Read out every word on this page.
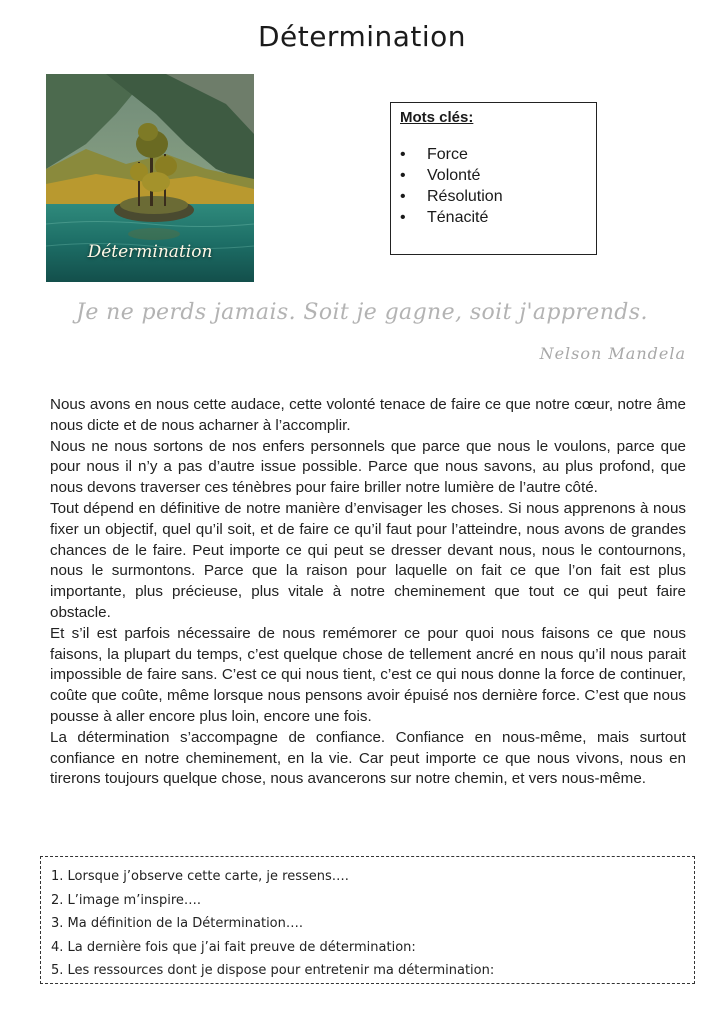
Détermination
Détermination
Mots clés:
• Force
• Volonté
• Résolution
• Ténacité
Je ne perds jamais. Soit je gagne, soit j'apprends.
Nelson Mandela

Nous avons en nous cette audace, cette volonté tenace de faire ce que notre cœur, notre âme nous dicte et de nous acharner à l’accomplir.

Nous ne nous sortons de nos enfers personnels que parce que nous le voulons, parce que pour nous il n’y a pas d’autre issue possible. Parce que nous savons, au plus profond, que nous devons traverser ces ténèbres pour faire briller notre lumière de l’autre côté.

Tout dépend en définitive de notre manière d’envisager les choses. Si nous apprenons à nous fixer un objectif, quel qu’il soit, et de faire ce qu’il faut pour l’atteindre, nous avons de grandes chances de le faire. Peut importe ce qui peut se dresser devant nous, nous le contournons, nous le surmontons. Parce que la raison pour laquelle on fait ce que l’on fait est plus importante, plus précieuse, plus vitale à notre cheminement que tout ce qui peut faire obstacle.

Et s’il est parfois nécessaire de nous remémorer ce pour quoi nous faisons ce que nous faisons, la plupart du temps, c’est quelque chose de tellement ancré en nous qu’il nous parait impossible de faire sans. C’est ce qui nous tient, c’est ce qui nous donne la force de continuer, coûte que coûte, même lorsque nous pensons avoir épuisé nos dernière force. C’est que nous pousse à aller encore plus loin, encore une fois.

La détermination s’accompagne de confiance. Confiance en nous-même, mais surtout confiance en notre cheminement, en la vie. Car peut importe ce que nous vivons, nous en tirerons toujours quelque chose, nous avancerons sur notre chemin, et vers nous-même.

1. Lorsque j’observe cette carte, je ressens….
2. L’image m’inspire….
3. Ma définition de la Détermination….
4. La dernière fois que j’ai fait preuve de détermination:
5. Les ressources dont je dispose pour entretenir ma détermination:
